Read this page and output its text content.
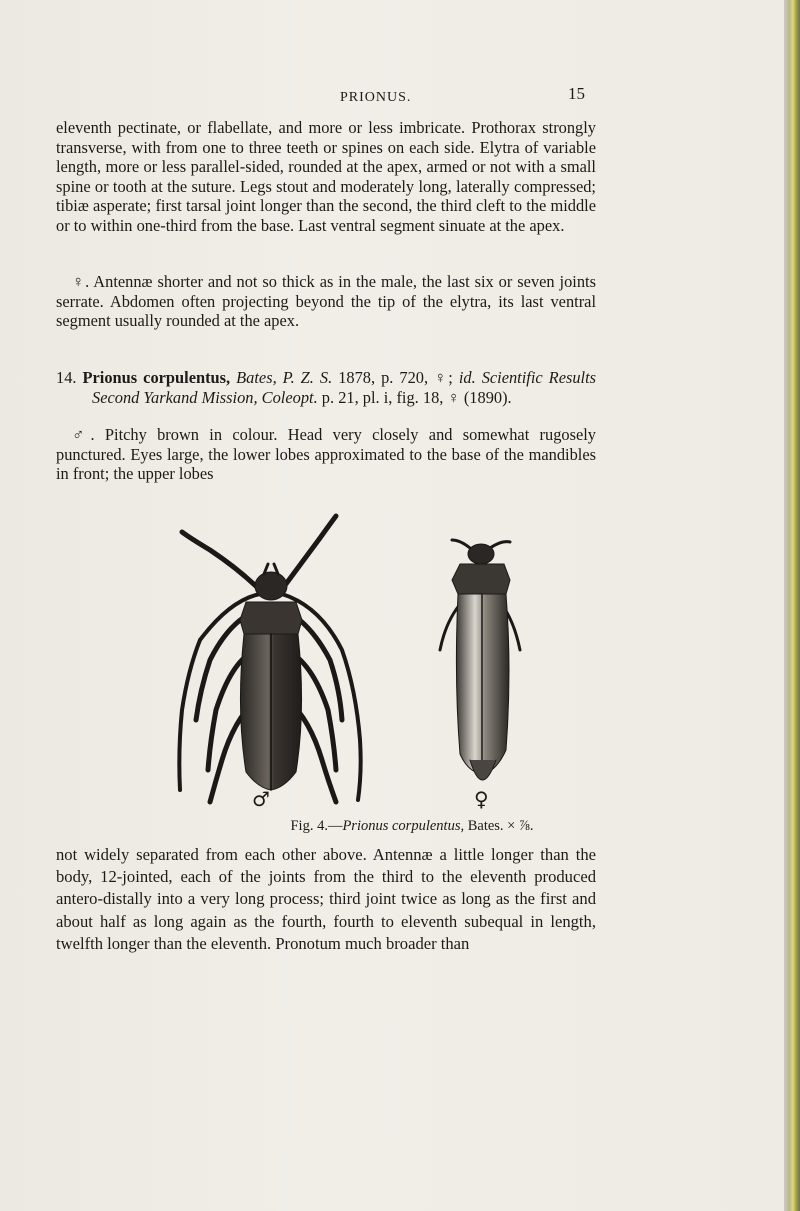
PRIONUS.	15

eleventh pectinate, or flabellate, and more or less imbricate. Prothorax strongly transverse, with from one to three teeth or spines on each side. Elytra of variable length, more or less parallel-sided, rounded at the apex, armed or not with a small spine or tooth at the suture. Legs stout and moderately long, laterally compressed; tibiæ asperate; first tarsal joint longer than the second, the third cleft to the middle or to within one-third from the base. Last ventral segment sinuate at the apex.

♀. Antennæ shorter and not so thick as in the male, the last six or seven joints serrate. Abdomen often projecting beyond the tip of the elytra, its last ventral segment usually rounded at the apex.

14. Prionus corpulentus, Bates, P. Z. S. 1878, p. 720, ♀; id. Scientific Results Second Yarkand Mission, Coleopt. p. 21, pl. i, fig. 18, ♀ (1890).

♂. Pitchy brown in colour. Head very closely and somewhat rugosely punctured. Eyes large, the lower lobes approximated to the base of the mandibles in front; the upper lobes

♂	♀
Fig. 4.—Prionus corpulentus, Bates. × ⅞.

not widely separated from each other above. Antennæ a little longer than the body, 12-jointed, each of the joints from the third to the eleventh produced antero-distally into a very long process; third joint twice as long as the first and about half as long again as the fourth, fourth to eleventh subequal in length, twelfth longer than the eleventh. Pronotum much broader than
